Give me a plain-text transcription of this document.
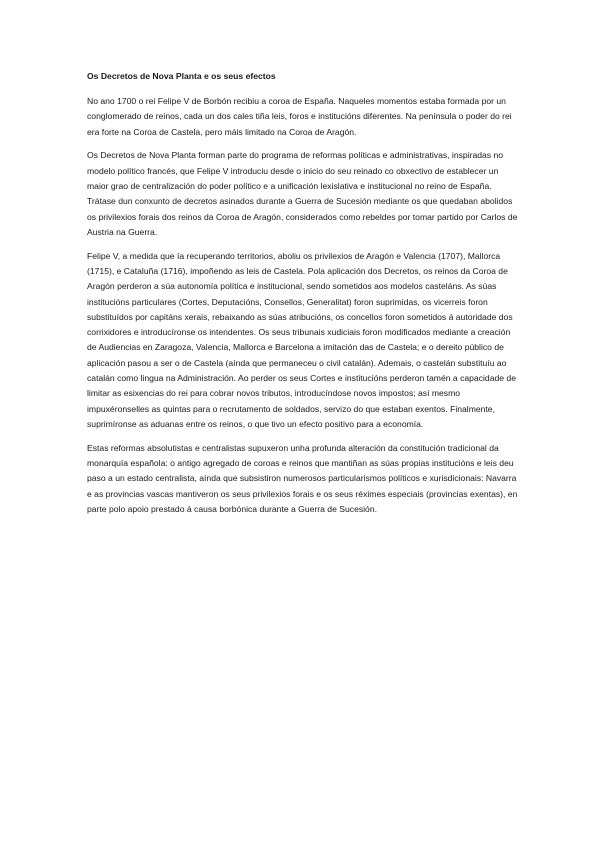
Os Decretos de Nova Planta e os seus efectos

No ano 1700 o rei Felipe V de Borbón recibiu a coroa de España. Naqueles momentos estaba formada por un conglomerado de reinos, cada un dos cales tiña leis, foros e institucións diferentes. Na península o poder do rei era forte na Coroa de Castela, pero máis limitado na Coroa de Aragón.

Os Decretos de Nova Planta forman parte do programa de reformas políticas e administrativas, inspiradas no modelo político francés, que Felipe V introduciu desde o inicio do seu reinado co obxectivo de establecer un maior grao de centralización do poder político e a unificación lexislativa e institucional no reino de España. Trátase dun conxunto de decretos asinados durante a Guerra de Sucesión mediante os que quedaban abolidos os privilexios forais dos reinos da Coroa de Aragón, considerados como rebeldes por tomar partido por Carlos de Austria na Guerra.

Felipe V, a medida que ía recuperando territorios, aboliu os privilexios de Aragón e Valencia (1707), Mallorca (1715), e Cataluña (1716), impoñendo as leis de Castela. Pola aplicación dos Decretos, os reinos da Coroa de Aragón perderon a súa autonomía política e institucional, sendo sometidos aos modelos casteláns. As súas institucións particulares (Cortes, Deputacións, Consellos, Generalitat) foron suprimidas, os vicerreis foron substituídos por capitáns xerais, rebaixando as súas atribucións, os concellos foron sometidos á autoridade dos corrixidores e introducíronse os intendentes. Os seus tribunais xudiciais foron modificados mediante a creación de Audiencias en Zaragoza, Valencia, Mallorca e Barcelona a imitación das de Castela; e o dereito público de aplicación pasou a ser o de Castela (aínda que permaneceu o civil catalán). Ademais, o castelán substituíu ao catalán como lingua na Administración. Ao perder os seus Cortes e institucións perderon tamén a capacidade de limitar as esixencias do rei para cobrar novos tributos, introducíndose novos impostos; así mesmo impuxéronselles as quintas para o recrutamento de soldados, servizo do que estaban exentos. Finalmente, suprimíronse as aduanas entre os reinos, o que tivo un efecto positivo para a economía.

Estas reformas absolutistas e centralistas supuxeron unha profunda alteración da constitución tradicional da monarquía española: o antigo agregado de coroas e reinos que mantiñan as súas propias institucións e leis deu paso a un estado centralista, aínda que subsistiron numerosos particularismos políticos e xurisdicionais: Navarra e as provincias vascas mantiveron os seus privilexios forais e os seus réximes especiais (provincias exentas), en parte polo apoio prestado á causa borbónica durante a Guerra de Sucesión.
